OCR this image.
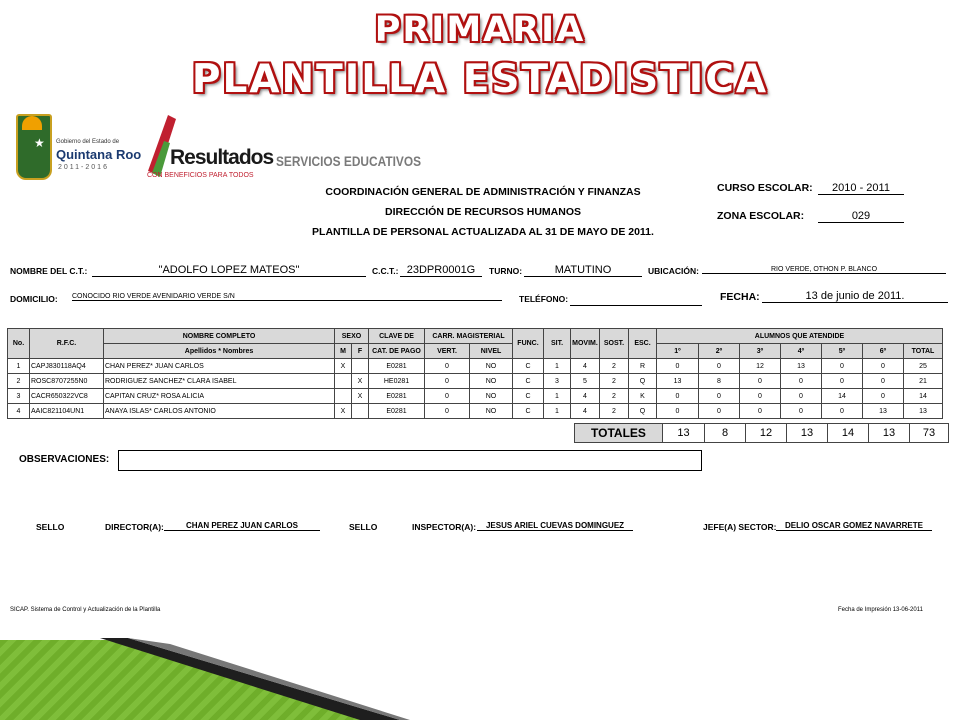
PRIMARIA
PLANTILLA ESTADISTICA
★ Gobierno del Estado de
Quintana Roo
2011-2016	Resultados
CON BENEFICIOS PARA TODOS
SERVICIOS EDUCATIVOS
COORDINACIÓN GENERAL DE ADMINISTRACIÓN Y FINANZAS
DIRECCIÓN DE RECURSOS HUMANOS
PLANTILLA DE PERSONAL ACTUALIZADA AL 31 DE MAYO DE 2011.
CURSO ESCOLAR:	2010 - 2011
ZONA ESCOLAR:	029
NOMBRE DEL C.T.:	"ADOLFO LOPEZ MATEOS"	C.C.T.: 23DPR0001G	TURNO:	MATUTINO	UBICACIÓN:	RIO VERDE, OTHON P. BLANCO
DOMICILIO: CONOCIDO RIO VERDE AVENIDARIO VERDE S/N	TELÉFONO:	FECHA:	13 de junio de 2011.
No.	R.F.C.	NOMBRE COMPLETO	SEXO		CLAVE DE	CARR. MAGISTERIAL		FUNC.	SIT.	MOVIM.	SOST.	ESC.	ALUMNOS QUE ATENDIDE						
		Apellidos * Nombres	M	F	CAT. DE PAGO	VERT.	NIVEL						1º	2º	3º	4º	5º	6º	TOTAL
1	CAPJ830118AQ4	CHAN PEREZ* JUAN CARLOS	X		E0281	0	NO	C	1	4	2	R	0	0	12	13	0	0	25
2	ROSC8707255N0	RODRIGUEZ SANCHEZ* CLARA ISABEL		X	HE0281	0	NO	C	3	5	2	Q	13	8	0	0	0	0	21
3	CACR650322VC8	CAPITAN CRUZ* ROSA ALICIA		X	E0281	0	NO	C	1	4	2	K	0	0	0	0	14	0	14
4	AAIC821104UN1	ANAYA ISLAS* CARLOS ANTONIO	X		E0281	0	NO	C	1	4	2	Q	0	0	0	0	0	13	13
TOTALES	13	8	12	13	14	13	73
OBSERVACIONES:
SELLO	DIRECTOR(A):	CHAN PEREZ JUAN CARLOS	SELLO	INSPECTOR(A):	JESUS ARIEL CUEVAS DOMINGUEZ	JEFE(A) SECTOR:	DELIO OSCAR GOMEZ NAVARRETE
SICAP. Sistema de Control y Actualización de la Plantilla	Fecha de Impresión 13-06-2011
